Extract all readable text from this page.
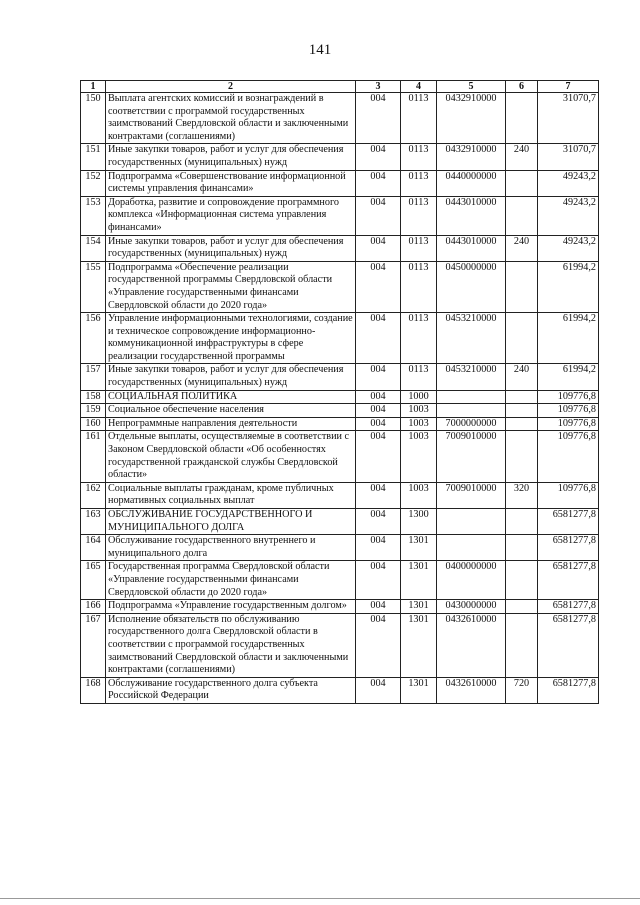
141
1	2	3	4	5	6	7
150	Выплата агентских комиссий и вознаграждений в соответствии с программой государственных заимствований Свердловской области и заключенными контрактами (соглашениями)	004	0113	0432910000		31070,7
151	Иные закупки товаров, работ и услуг для обеспечения государственных (муниципальных) нужд	004	0113	0432910000	240	31070,7
152	Подпрограмма «Совершенствование информационной системы управления финансами»	004	0113	0440000000		49243,2
153	Доработка, развитие и сопровождение программного комплекса «Информационная система управления финансами»	004	0113	0443010000		49243,2
154	Иные закупки товаров, работ и услуг для обеспечения государственных (муниципальных) нужд	004	0113	0443010000	240	49243,2
155	Подпрограмма «Обеспечение реализации государственной программы Свердловской области «Управление государственными финансами Свердловской области до 2020 года»	004	0113	0450000000		61994,2
156	Управление информационными технологиями, создание и техническое сопровождение информационно-коммуникационной инфраструктуры в сфере реализации государственной программы	004	0113	0453210000		61994,2
157	Иные закупки товаров, работ и услуг для обеспечения государственных (муниципальных) нужд	004	0113	0453210000	240	61994,2
158	СОЦИАЛЬНАЯ ПОЛИТИКА	004	1000			109776,8
159	Социальное обеспечение населения	004	1003			109776,8
160	Непрограммные направления деятельности	004	1003	7000000000		109776,8
161	Отдельные выплаты, осуществляемые в соответствии с Законом Свердловской области «Об особенностях государственной гражданской службы Свердловской области»	004	1003	7009010000		109776,8
162	Социальные выплаты гражданам, кроме публичных нормативных социальных выплат	004	1003	7009010000	320	109776,8
163	ОБСЛУЖИВАНИЕ ГОСУДАРСТВЕННОГО И МУНИЦИПАЛЬНОГО ДОЛГА	004	1300			6581277,8
164	Обслуживание государственного внутреннего и муниципального долга	004	1301			6581277,8
165	Государственная программа Свердловской области «Управление государственными финансами Свердловской области до 2020 года»	004	1301	0400000000		6581277,8
166	Подпрограмма «Управление государственным долгом»	004	1301	0430000000		6581277,8
167	Исполнение обязательств по обслуживанию государственного долга Свердловской области в соответствии с программой государственных заимствований Свердловской области и заключенными контрактами (соглашениями)	004	1301	0432610000		6581277,8
168	Обслуживание государственного долга субъекта Российской Федерации	004	1301	0432610000	720	6581277,8
